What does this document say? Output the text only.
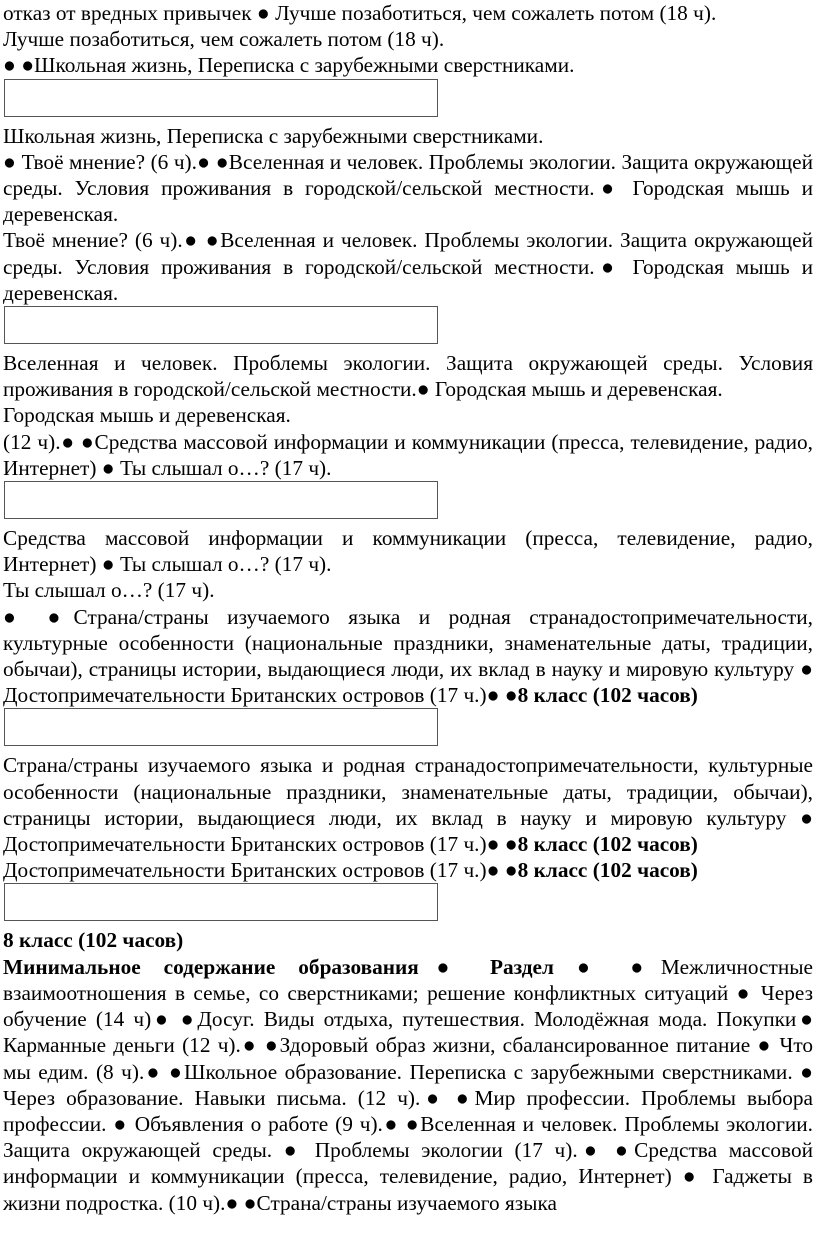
отказ от вредных привычек ● Лучше позаботиться, чем сожалеть потом (18 ч).

Лучше позаботиться, чем сожалеть потом (18 ч).

● ●Школьная жизнь, Переписка с зарубежными сверстниками.

Школьная жизнь, Переписка с зарубежными сверстниками.

● Твоё мнение? (6 ч).● ●Вселенная и человек. Проблемы экологии. Защита окружающей среды. Условия проживания в городской/сельской местности.● Городская мышь и деревенская.

Твоё мнение? (6 ч).● ●Вселенная и человек. Проблемы экологии. Защита окружающей среды. Условия проживания в городской/сельской местности.● Городская мышь и деревенская.

Вселенная и человек. Проблемы экологии. Защита окружающей среды. Условия проживания в городской/сельской местности.● Городская мышь и деревенская.

Городская мышь и деревенская.

(12 ч).● ●Средства массовой информации и коммуникации (пресса, телевидение, радио, Интернет) ● Ты слышал о…? (17 ч).

Средства массовой информации и коммуникации (пресса, телевидение, радио, Интернет) ● Ты слышал о…? (17 ч).

Ты слышал о…? (17 ч).

● ●Страна/страны изучаемого языка и родная странадостопримечательности, культурные особенности (национальные праздники, знаменательные даты, традиции, обычаи), страницы истории, выдающиеся люди, их вклад в науку и мировую культуру ● Достопримечательности Британских островов (17 ч.)● ●8 класс (102 часов)

Страна/страны изучаемого языка и родная странадостопримечательности, культурные особенности (национальные праздники, знаменательные даты, традиции, обычаи), страницы истории, выдающиеся люди, их вклад в науку и мировую культуру ● Достопримечательности Британских островов (17 ч.)● ●8 класс (102 часов)

Достопримечательности Британских островов (17 ч.)● ●8 класс (102 часов)

8 класс (102 часов)

Минимальное содержание образования● Раздел ● ●Межличностные взаимоотношения в семье, со сверстниками; решение конфликтных ситуаций ● Через обучение (14 ч)● ●Досуг. Виды отдыха, путешествия. Молодёжная мода. Покупки● Карманные деньги (12 ч).● ●Здоровый образ жизни, сбалансированное питание ● Что мы едим. (8 ч).● ●Школьное образование. Переписка с зарубежными сверстниками. ● Через образование. Навыки письма. (12 ч).● ●Мир профессии. Проблемы выбора профессии. ● Объявления о работе (9 ч).● ●Вселенная и человек. Проблемы экологии. Защита окружающей среды. ● Проблемы экологии (17 ч).● ●Средства массовой информации и коммуникации (пресса, телевидение, радио, Интернет) ● Гаджеты в жизни подростка. (10 ч).● ●Страна/страны изучаемого языка
